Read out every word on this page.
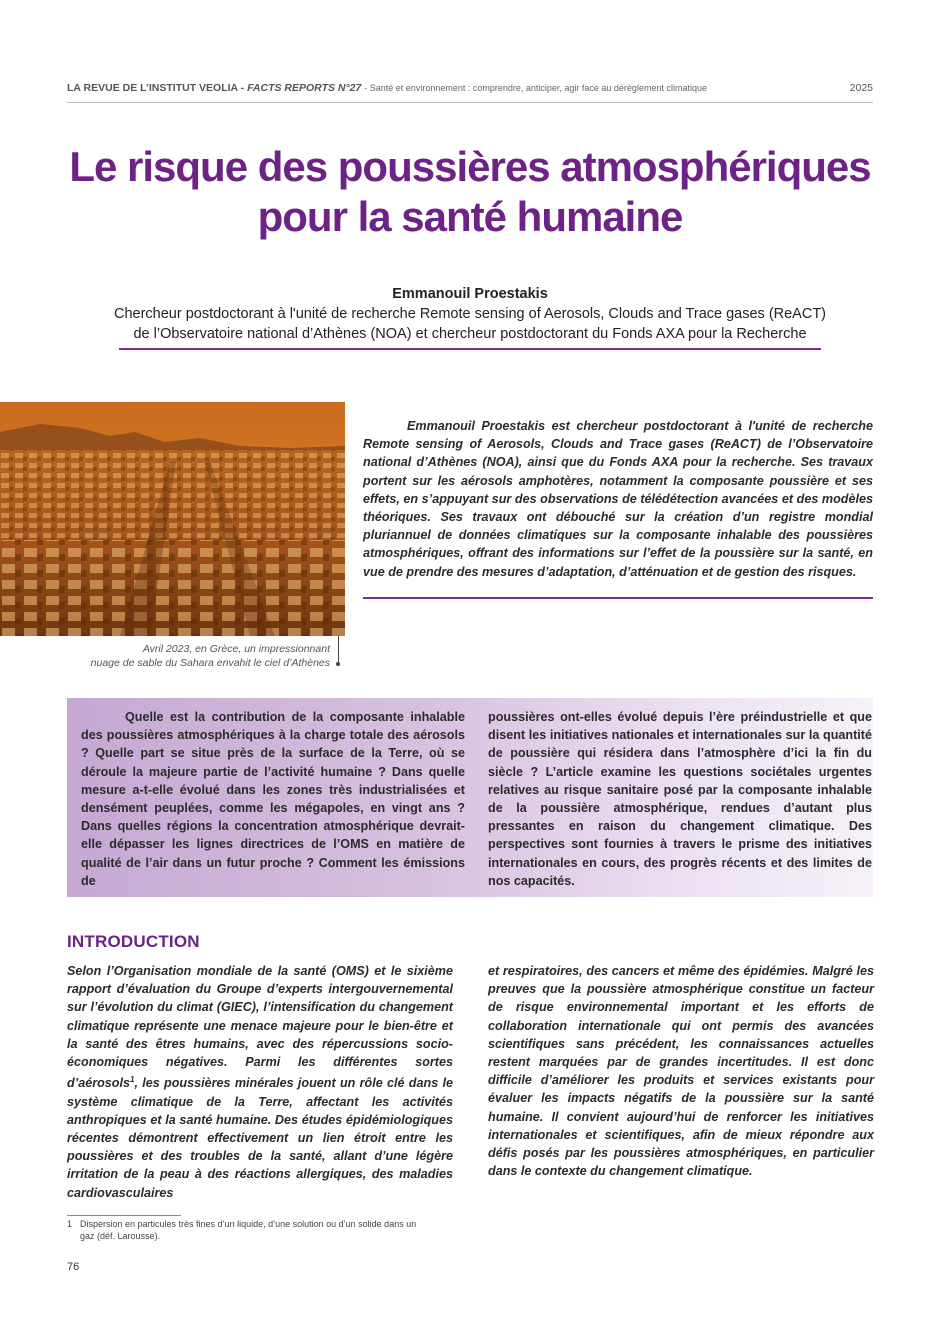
LA REVUE DE L’INSTITUT VEOLIA - FACTS REPORTS N°27 - Santé et environnement : comprendre, anticiper, agir face au dérèglement climatique	2025
Le risque des poussières atmosphériques
pour la santé humaine
Emmanouil Proestakis
Chercheur postdoctorant à l'unité de recherche Remote sensing of Aerosols, Clouds and Trace gases (ReACT)
de l’Observatoire national d’Athènes (NOA) et chercheur postdoctorant du Fonds AXA pour la Recherche
Avril 2023, en Grèce, un impressionnant
nuage de sable du Sahara envahit le ciel d’Athènes
Emmanouil Proestakis est chercheur postdoctorant à l'unité de recherche Remote sensing of Aerosols, Clouds and Trace gases (ReACT) de l’Observatoire national d’Athènes (NOA), ainsi que du Fonds AXA pour la recherche. Ses travaux portent sur les aérosols amphotères, notamment la composante poussière et ses effets, en s’appuyant sur des observations de télédétection avancées et des modèles théoriques. Ses travaux ont débouché sur la création d’un registre mondial pluriannuel de données climatiques sur la composante inhalable des poussières atmosphériques, offrant des informations sur l’effet de la poussière sur la santé, en vue de prendre des mesures d’adaptation, d’atténuation et de gestion des risques.
Quelle est la contribution de la composante inhalable des poussières atmosphériques à la charge totale des aérosols ? Quelle part se situe près de la surface de la Terre, où se déroule la majeure partie de l’activité humaine ? Dans quelle mesure a-t-elle évolué dans les zones très industrialisées et densément peuplées, comme les mégapoles, en vingt ans ? Dans quelles régions la concentration atmosphérique devrait-elle dépasser les lignes directrices de l’OMS en matière de qualité de l’air dans un futur proche ? Comment les émissions de
poussières ont-elles évolué depuis l’ère préindustrielle et que disent les initiatives nationales et internationales sur la quantité de poussière qui résidera dans l’atmosphère d’ici la fin du siècle ? L’article examine les questions sociétales urgentes relatives au risque sanitaire posé par la composante inhalable de la poussière atmosphérique, rendues d’autant plus pressantes en raison du changement climatique. Des perspectives sont fournies à travers le prisme des initiatives internationales en cours, des progrès récents et des limites de nos capacités.
INTRODUCTION
Selon l’Organisation mondiale de la santé (OMS) et le sixième rapport d’évaluation du Groupe d’experts intergouvernemental sur l’évolution du climat (GIEC), l’intensification du changement climatique représente une menace majeure pour le bien-être et la santé des êtres humains, avec des répercussions socio-économiques négatives. Parmi les différentes sortes d’aérosols$^1$, les poussières minérales jouent un rôle clé dans le système climatique de la Terre, affectant les activités anthropiques et la santé humaine. Des études épidémiologiques récentes démontrent effectivement un lien étroit entre les poussières et des troubles de la santé, allant d’une légère irritation de la peau à des réactions allergiques, des maladies cardiovasculaires
et respiratoires, des cancers et même des épidémies. Malgré les preuves que la poussière atmosphérique constitue un facteur de risque environnemental important et les efforts de collaboration internationale qui ont permis des avancées scientifiques sans précédent, les connaissances actuelles restent marquées par de grandes incertitudes. Il est donc difficile d’améliorer les produits et services existants pour évaluer les impacts négatifs de la poussière sur la santé humaine. Il convient aujourd’hui de renforcer les initiatives internationales et scientifiques, afin de mieux répondre aux défis posés par les poussières atmosphériques, en particulier dans le contexte du changement climatique.
1 Dispersion en particules très fines d’un liquide, d’une solution ou d’un solide dans un gaz (déf. Larousse).
76
